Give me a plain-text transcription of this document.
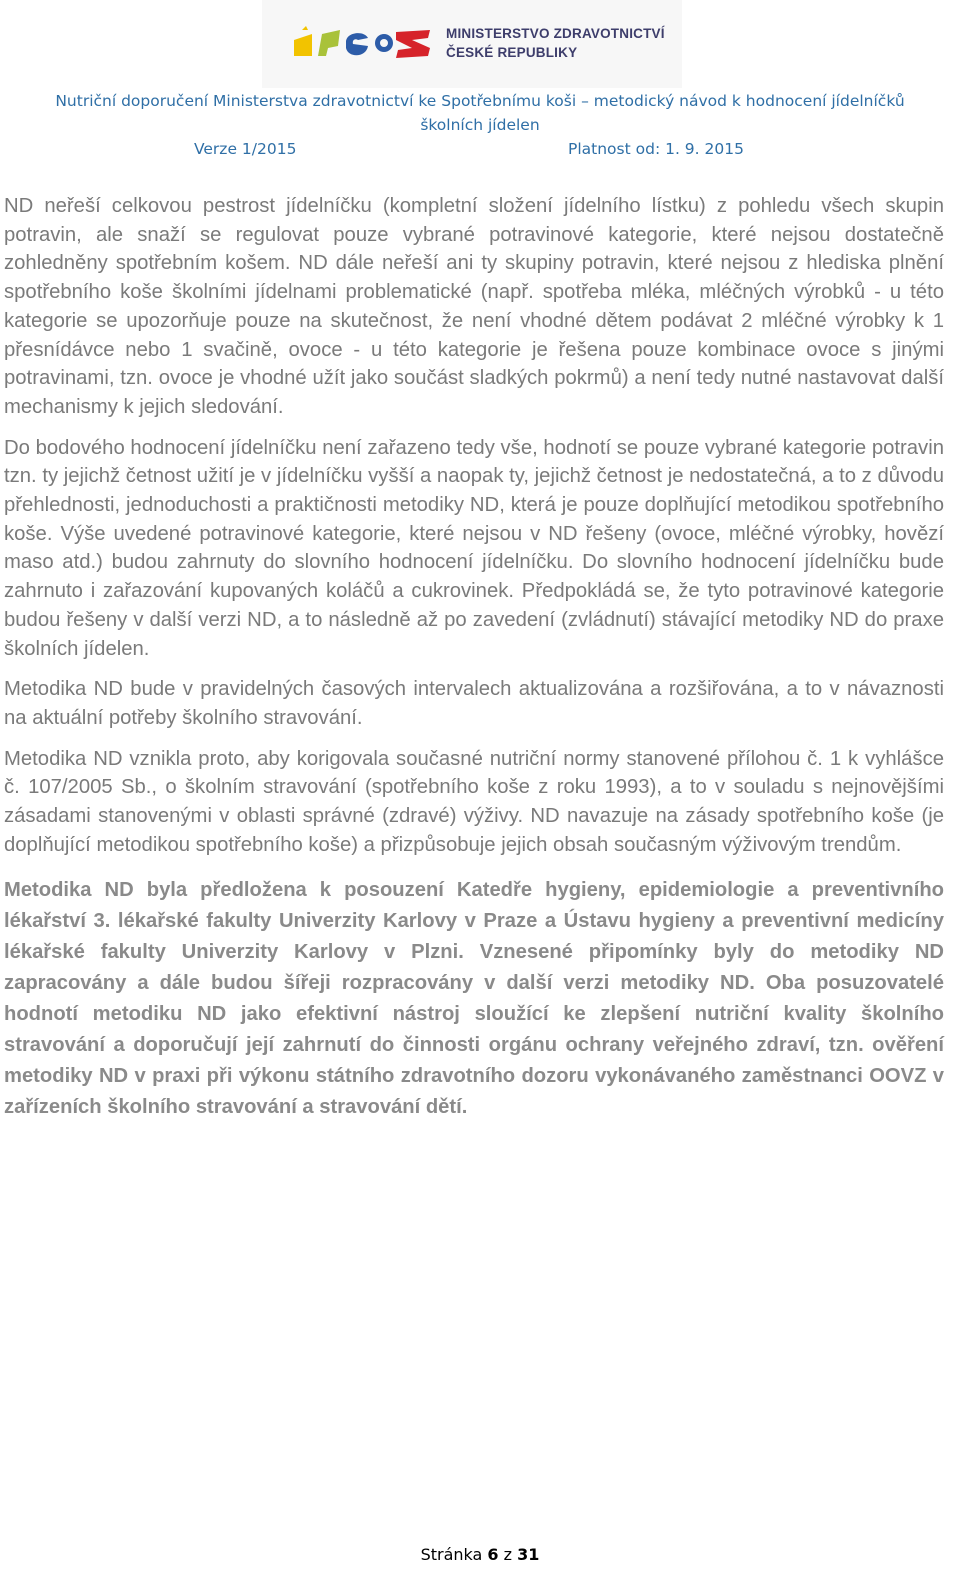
MINISTERSTVO ZDRAVOTNICTVÍ
ČESKÉ REPUBLIKY
Nutriční doporučení Ministerstva zdravotnictví ke Spotřebnímu koši – metodický návod k hodnocení jídelníčků
školních jídelen
Verze 1/2015	Platnost od: 1. 9. 2015

ND neřeší celkovou pestrost jídelníčku (kompletní složení jídelního lístku) z pohledu všech skupin potravin, ale snaží se regulovat pouze vybrané potravinové kategorie, které nejsou dostatečně zohledněny spotřebním košem. ND dále neřeší ani ty skupiny potravin, které nejsou z hlediska plnění spotřebního koše školními jídelnami problematické (např. spotřeba mléka, mléčných výrobků - u této kategorie se upozorňuje pouze na skutečnost, že není vhodné dětem podávat 2 mléčné výrobky k 1 přesnídávce nebo 1 svačině, ovoce - u této kategorie je řešena pouze kombinace ovoce s jinými potravinami, tzn. ovoce je vhodné užít jako součást sladkých pokrmů) a není tedy nutné nastavovat další mechanismy k jejich sledování.

Do bodového hodnocení jídelníčku není zařazeno tedy vše, hodnotí se pouze vybrané kategorie potravin tzn. ty jejichž četnost užití je v jídelníčku vyšší a naopak ty, jejichž četnost je nedostatečná, a to z důvodu přehlednosti, jednoduchosti a praktičnosti metodiky ND, která je pouze doplňující metodikou spotřebního koše. Výše uvedené potravinové kategorie, které nejsou v ND řešeny (ovoce, mléčné výrobky, hovězí maso atd.) budou zahrnuty do slovního hodnocení jídelníčku. Do slovního hodnocení jídelníčku bude zahrnuto i zařazování kupovaných koláčů a cukrovinek. Předpokládá se, že tyto potravinové kategorie budou řešeny v další verzi ND, a to následně až po zavedení (zvládnutí) stávající metodiky ND do praxe školních jídelen.

Metodika ND bude v pravidelných časových intervalech aktualizována a rozšiřována, a to v návaznosti na aktuální potřeby školního stravování.

Metodika ND vznikla proto, aby korigovala současné nutriční normy stanovené přílohou č. 1 k vyhlášce č. 107/2005 Sb., o školním stravování (spotřebního koše z roku 1993), a to v souladu s nejnovějšími zásadami stanovenými v oblasti správné (zdravé) výživy. ND navazuje na zásady spotřebního koše (je doplňující metodikou spotřebního koše) a přizpůsobuje jejich obsah současným výživovým trendům.

Metodika ND byla předložena k posouzení Katedře hygieny, epidemiologie a preventivního lékařství 3. lékařské fakulty Univerzity Karlovy v Praze a Ústavu hygieny a preventivní medicíny lékařské fakulty Univerzity Karlovy v Plzni. Vznesené připomínky byly do metodiky ND zapracovány a dále budou šířeji rozpracovány v další verzi metodiky ND. Oba posuzovatelé hodnotí metodiku ND jako efektivní nástroj sloužící ke zlepšení nutriční kvality školního stravování a doporučují její zahrnutí do činnosti orgánu ochrany veřejného zdraví, tzn. ověření metodiky ND v praxi při výkonu státního zdravotního dozoru vykonávaného zaměstnanci OOVZ v zařízeních školního stravování a stravování dětí.

Stránka 6 z 31
